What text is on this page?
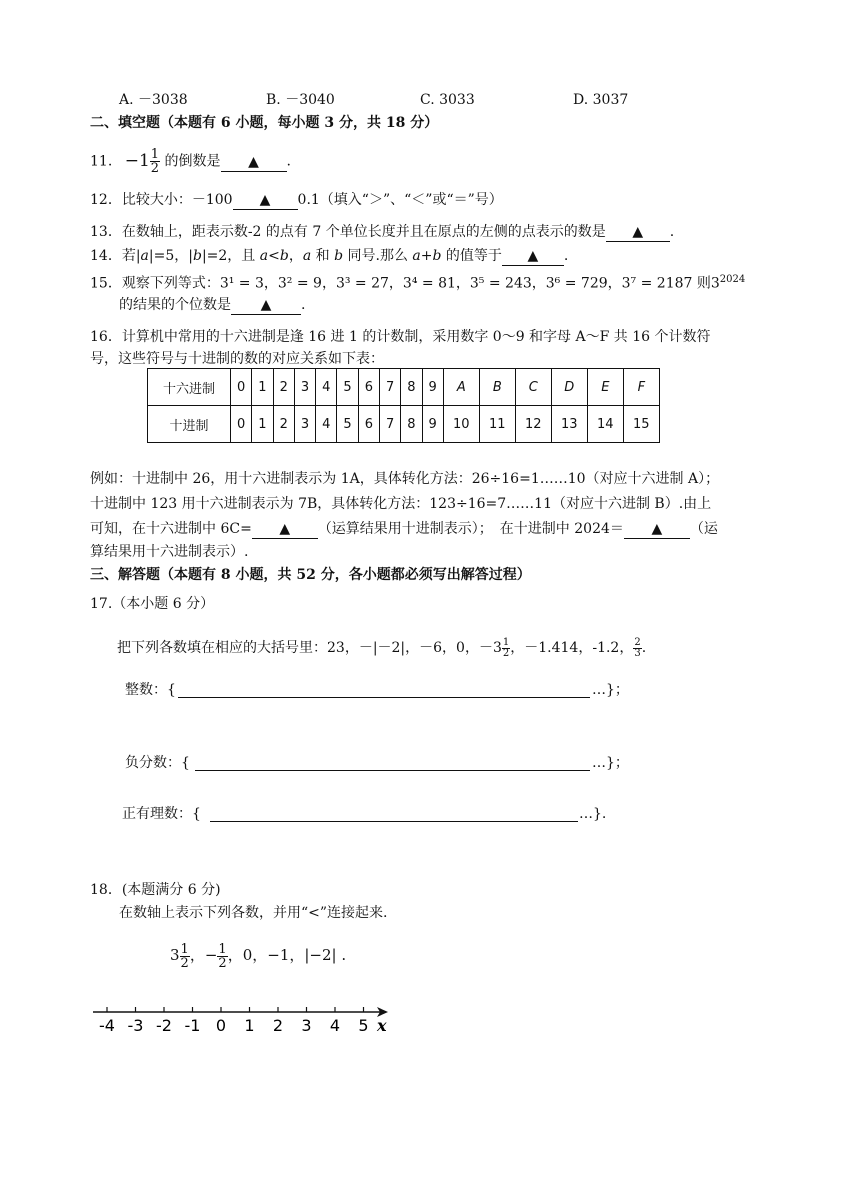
A. －3038	B. －3040	C. 3033	D. 3037
二、填空题（本题有 6 小题，每小题 3 分，共 18 分）
11. $-1 \frac{1}{2}$ 的倒数是 ▲ .
12．比较大小：－100 ▲ 0.1（填入“＞”、“＜”或“＝”号）
13．在数轴上，距表示数-2 的点有 7 个单位长度并且在原点的左侧的点表示的数是 ▲ .
14．若|a|=5，|b|=2，且 a<b，a 和 b 同号.那么 a+b 的值等于 ▲ .
15．观察下列等式：3¹ = 3，3² = 9，3³ = 27，3⁴ = 81，3⁵ = 243，3⁶ = 729，3⁷ = 2187 则$3^{2024}$
的结果的个位数是 ▲ .
16．计算机中常用的十六进制是逢 16 进 1 的计数制，采用数字 0～9 和字母 A～F 共 16 个计数符
号，这些符号与十进制的数的对应关系如下表：
十六进制	0	1	2	3	4	5	6	7	8	9	A	B	C	D	E	F
十进制	0	1	2	3	4	5	6	7	8	9	10	11	12	13	14	15
例如：十进制中 26，用十六进制表示为 1A，具体转化方法：26÷16=1……10（对应十六进制 A）；
十进制中 123 用十六进制表示为 7B，具体转化方法：123÷16=7……11（对应十六进制 B）.由上
可知，在十六进制中 6C= ▲ （运算结果用十进制表示）；　在十进制中 2024＝ ▲ （运
算结果用十六进制表示）.
三、解答题（本题有 8 小题，共 52 分，各小题都必须写出解答过程）
17.（本小题 6 分）
把下列各数填在相应的大括号里：23，－|－2|，－6，0，$-3 \frac{1}{2}$ ，－1.414，-1.2， $\frac{2}{3}$ .
整数：{	…}；
负分数：{	…}；
正有理数：{	…}.
18．(本题满分 6 分)
在数轴上表示下列各数，并用“<”连接起来.
$3 \frac{1}{2}$ ，− $\frac{1}{2}$ ，0，−1，|−2| .
-4 -3 -2 -1 0 1 2 3 4 5 x
